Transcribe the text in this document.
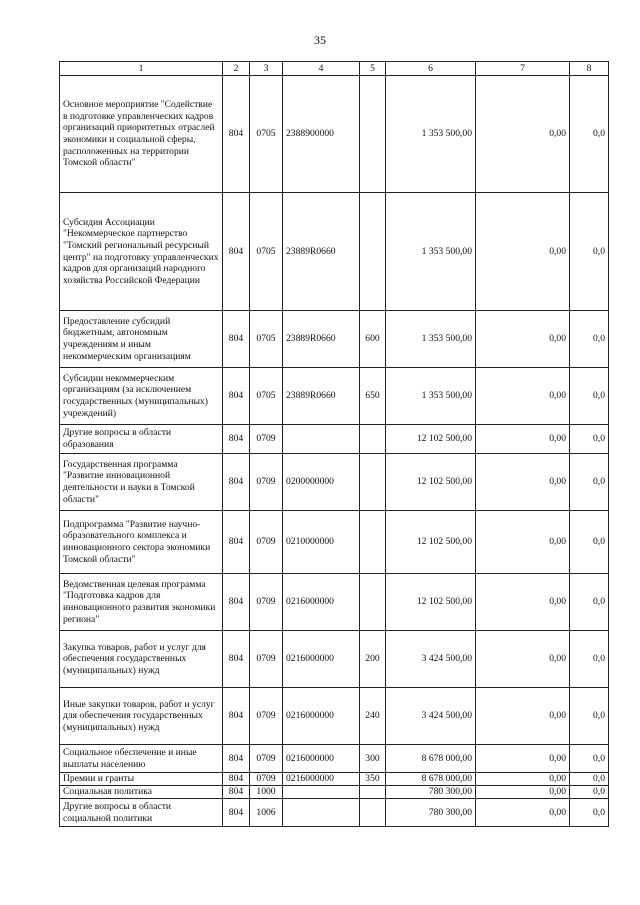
35
1	2	3	4	5	6	7	8
Основное мероприятие "Содействие в подготовке управленческих кадров организаций приоритетных отраслей экономики и социальной сферы, расположенных на территории Томской области"	804	0705	2388900000		1 353 500,00	0,00	0,0
Субсидия Ассоциации "Некоммерческое партнерство "Томский региональный ресурсный центр" на подготовку управленческих кадров для организаций народного хозяйства Российской Федерации	804	0705	23889R0660		1 353 500,00	0,00	0,0
Предоставление субсидий бюджетным, автономным учреждениям и иным некоммерческим организациям	804	0705	23889R0660	600	1 353 500,00	0,00	0,0
Субсидии некоммерческим организациям (за исключением государственных (муниципальных) учреждений)	804	0705	23889R0660	650	1 353 500,00	0,00	0,0
Другие вопросы в области образования	804	0709			12 102 500,00	0,00	0,0
Государственная программа "Развитие инновационной деятельности и науки в Томской области"	804	0709	0200000000		12 102 500,00	0,00	0,0
Подпрограмма "Развитие научно-образовательного комплекса и инновационного сектора экономики Томской области"	804	0709	0210000000		12 102 500,00	0,00	0,0
Ведомственная целевая программа "Подготовка кадров для инновационного развития экономики региона"	804	0709	0216000000		12 102 500,00	0,00	0,0
Закупка товаров, работ и услуг для обеспечения государственных (муниципальных) нужд	804	0709	0216000000	200	3 424 500,00	0,00	0,0
Иные закупки товаров, работ и услуг для обеспечения государственных (муниципальных) нужд	804	0709	0216000000	240	3 424 500,00	0,00	0,0
Социальное обеспечение и иные выплаты населению	804	0709	0216000000	300	8 678 000,00	0,00	0,0
Премии и гранты	804	0709	0216000000	350	8 678 000,00	0,00	0,0
Социальная политика	804	1000			780 300,00	0,00	0,0
Другие вопросы в области социальной политики	804	1006			780 300,00	0,00	0,0
